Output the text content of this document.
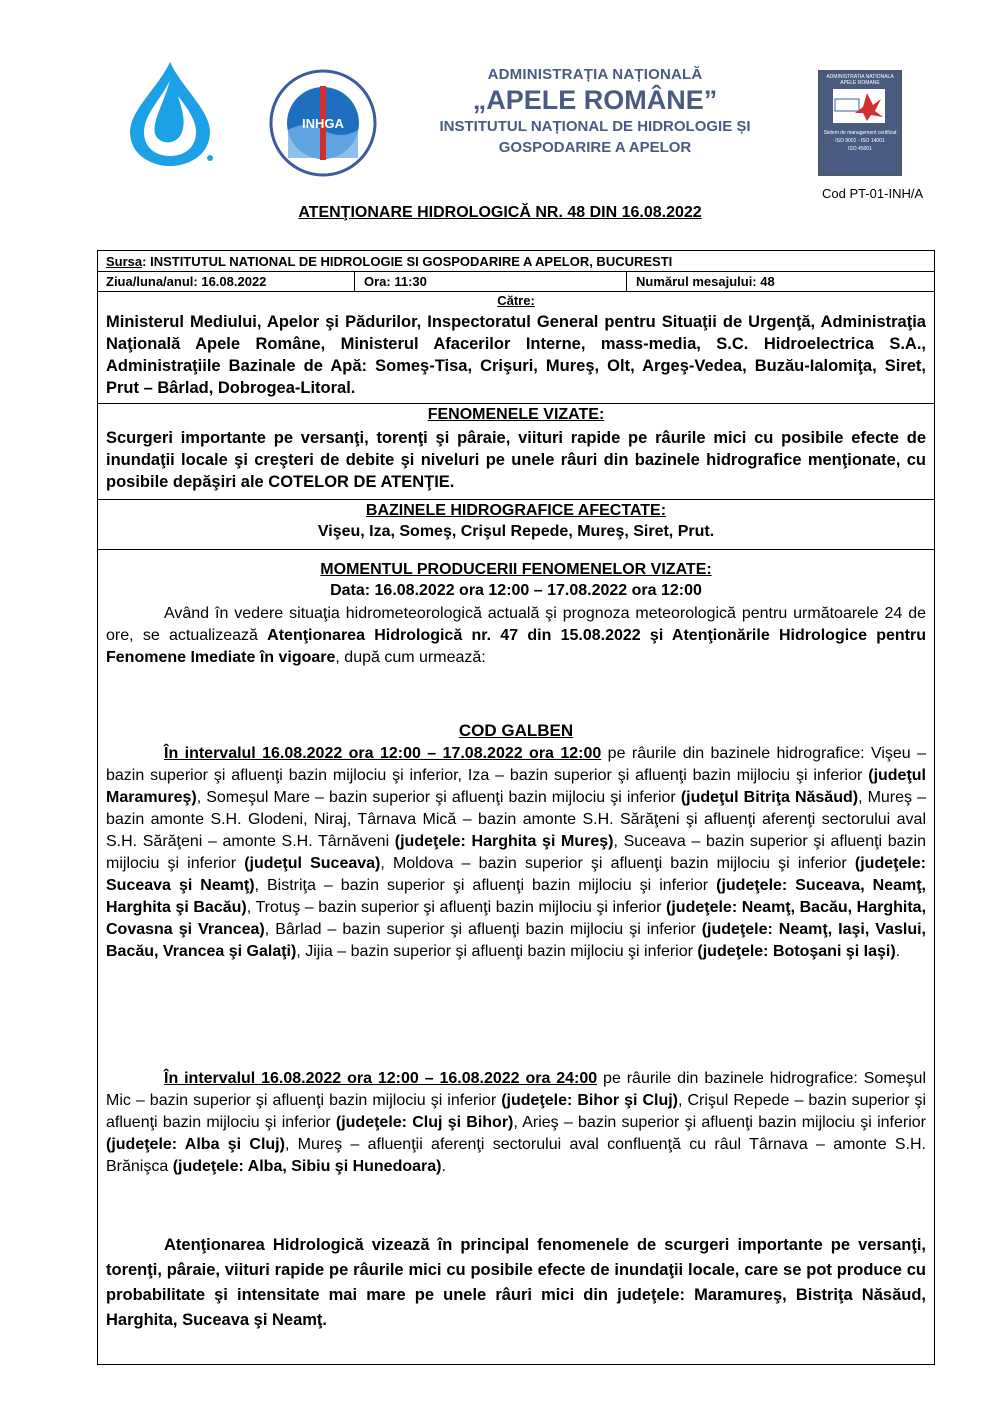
INHGA
ADMINISTRAȚIA NAȚIONALĂ
„APELE ROMÂNE”
INSTITUTUL NAȚIONAL DE HIDROLOGIE ȘI
GOSPODARIRE A APELOR
ADMINISTRATIA NATIONALA APELE ROMANE
Sistem de management certificat
ISO 9001 - ISO 14001
ISO 45001
Cod PT-01-INH/A
ATENŢIONARE HIDROLOGICĂ NR. 48 DIN 16.08.2022
Sursa: INSTITUTUL NATIONAL DE HIDROLOGIE SI GOSPODARIRE A APELOR, BUCURESTI
Ziua/luna/anul: 16.08.2022	Ora: 11:30	Numărul mesajului: 48
Către:
Ministerul Mediului, Apelor şi Pădurilor, Inspectoratul General pentru Situaţii de Urgenţă, Administraţia Naţională Apele Române, Ministerul Afacerilor Interne, mass-media, S.C. Hidroelectrica S.A., Administraţiile Bazinale de Apă: Someş-Tisa, Crişuri, Mureş, Olt, Argeş-Vedea, Buzău-Ialomiţa, Siret, Prut – Bârlad, Dobrogea-Litoral.
FENOMENELE VIZATE:
Scurgeri importante pe versanţi, torenţi şi pâraie, viituri rapide pe râurile mici cu posibile efecte de inundaţii locale şi creşteri de debite şi niveluri pe unele râuri din bazinele hidrografice menţionate, cu posibile depăşiri ale COTELOR DE ATENŢIE.
BAZINELE HIDROGRAFICE AFECTATE:
Vişeu, Iza, Someş, Crişul Repede, Mureş, Siret, Prut.
MOMENTUL PRODUCERII FENOMENELOR VIZATE:
Data: 16.08.2022 ora 12:00 – 17.08.2022 ora 12:00
Având în vedere situaţia hidrometeorologică actuală şi prognoza meteorologică pentru următoarele 24 de ore, se actualizează Atenţionarea Hidrologică nr. 47 din 15.08.2022 şi Atenţionările Hidrologice pentru Fenomene Imediate în vigoare, după cum urmează:
COD GALBEN
În intervalul 16.08.2022 ora 12:00 – 17.08.2022 ora 12:00 pe râurile din bazinele hidrografice: Vişeu – bazin superior şi afluenţi bazin mijlociu şi inferior, Iza – bazin superior şi afluenţi bazin mijlociu şi inferior (judeţul Maramureş), Someşul Mare – bazin superior şi afluenţi bazin mijlociu şi inferior (judeţul Bitriţa Năsăud), Mureş – bazin amonte S.H. Glodeni, Niraj, Târnava Mică – bazin amonte S.H. Sărăţeni şi afluenţi aferenţi sectorului aval S.H. Sărăţeni – amonte S.H. Târnăveni (judeţele: Harghita şi Mureş), Suceava – bazin superior şi afluenţi bazin mijlociu şi inferior (judeţul Suceava), Moldova – bazin superior şi afluenţi bazin mijlociu şi inferior (judeţele: Suceava şi Neamţ), Bistriţa – bazin superior şi afluenţi bazin mijlociu şi inferior (judeţele: Suceava, Neamţ, Harghita şi Bacău), Trotuş – bazin superior şi afluenţi bazin mijlociu şi inferior (judeţele: Neamţ, Bacău, Harghita, Covasna şi Vrancea), Bârlad – bazin superior şi afluenţi bazin mijlociu şi inferior (judeţele: Neamţ, Iaşi, Vaslui, Bacău, Vrancea şi Galaţi), Jijia – bazin superior şi afluenţi bazin mijlociu şi inferior (judeţele: Botoşani şi Iaşi).
În intervalul 16.08.2022 ora 12:00 – 16.08.2022 ora 24:00 pe râurile din bazinele hidrografice: Someşul Mic – bazin superior şi afluenţi bazin mijlociu şi inferior (judeţele: Bihor şi Cluj), Crişul Repede – bazin superior şi afluenţi bazin mijlociu şi inferior (judeţele: Cluj şi Bihor), Arieş – bazin superior şi afluenţi bazin mijlociu şi inferior (judeţele: Alba şi Cluj), Mureş – afluenţii aferenţi sectorului aval confluenţă cu râul Târnava – amonte S.H. Brănişca (judeţele: Alba, Sibiu şi Hunedoara).
Atenţionarea Hidrologică vizează în principal fenomenele de scurgeri importante pe versanţi, torenţi, pâraie, viituri rapide pe râurile mici cu posibile efecte de inundaţii locale, care se pot produce cu probabilitate şi intensitate mai mare pe unele râuri mici din judeţele: Maramureş, Bistriţa Năsăud, Harghita, Suceava şi Neamţ.
